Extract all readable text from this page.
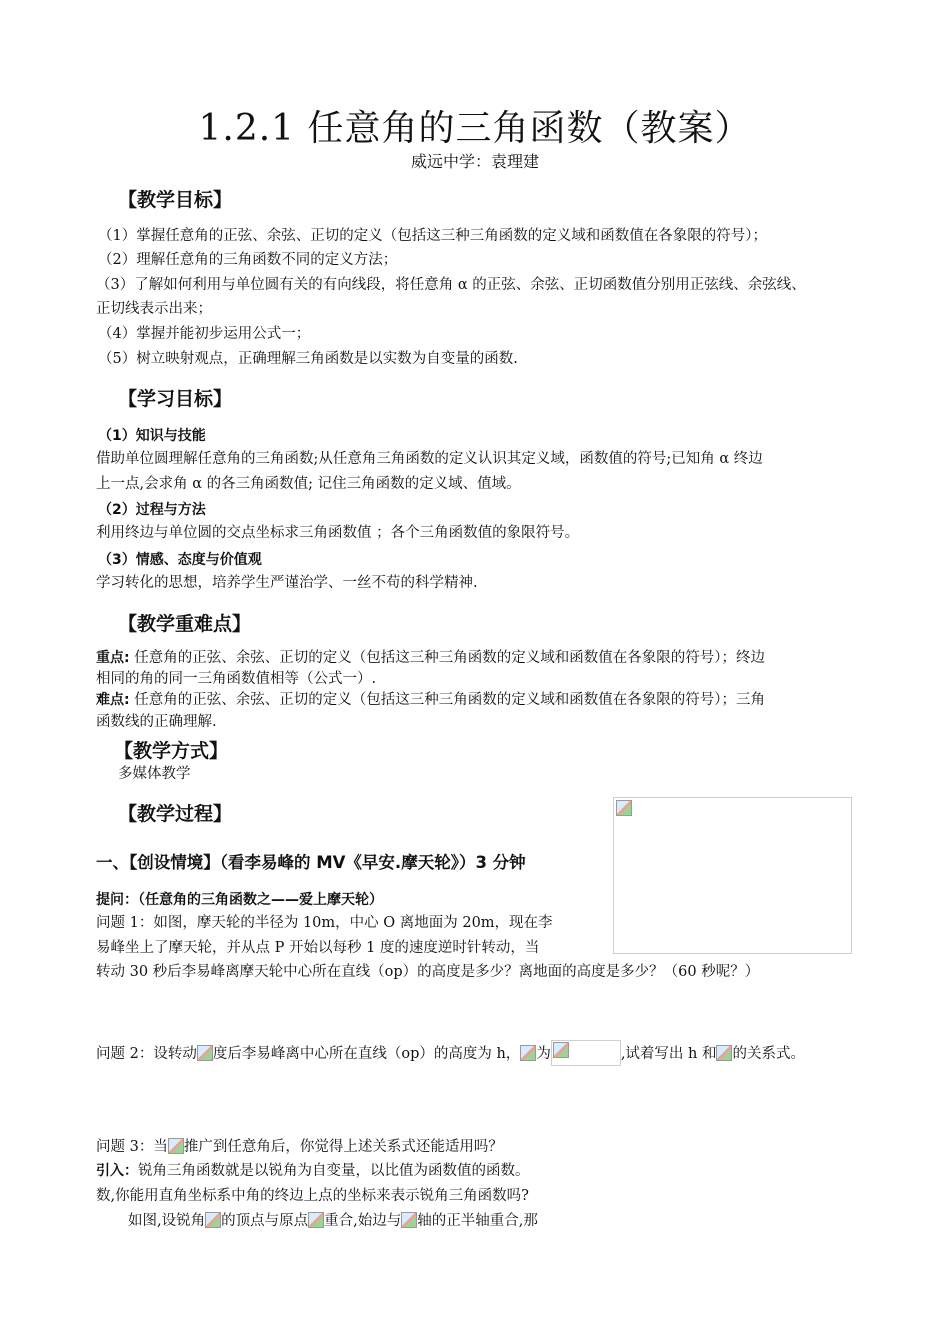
1.2.1 任意角的三角函数（教案）
威远中学：袁理建
【教学目标】
（1）掌握任意角的正弦、余弦、正切的定义（包括这三种三角函数的定义域和函数值在各象限的符号）；
（2）理解任意角的三角函数不同的定义方法；
（3）了解如何利用与单位圆有关的有向线段，将任意角 α 的正弦、余弦、正切函数值分别用正弦线、余弦线、
正切线表示出来；
（4）掌握并能初步运用公式一；
（5）树立映射观点，正确理解三角函数是以实数为自变量的函数.
【学习目标】
（1）知识与技能
借助单位圆理解任意角的三角函数;从任意角三角函数的定义认识其定义域，函数值的符号;已知角 α 终边
上一点,会求角 α 的各三角函数值; 记住三角函数的定义域、值域。
（2）过程与方法
利用终边与单位圆的交点坐标求三角函数值 ；各个三角函数值的象限符号。
（3）情感、态度与价值观
学习转化的思想，培养学生严谨治学、一丝不苟的科学精神.
【教学重难点】
重点: 任意角的正弦、余弦、正切的定义（包括这三种三角函数的定义域和函数值在各象限的符号）；终边
相同的角的同一三角函数值相等（公式一）.
难点: 任意角的正弦、余弦、正切的定义（包括这三种三角函数的定义域和函数值在各象限的符号）；三角
函数线的正确理解.
【教学方式】
多媒体教学
【教学过程】
一、【创设情境】（看李易峰的 MV《早安.摩天轮》）3 分钟
提问：（任意角的三角函数之——爱上摩天轮）
问题 1：如图，摩天轮的半径为 10m，中心 O 离地面为 20m，现在李
易峰坐上了摩天轮，并从点 P 开始以每秒 1 度的速度逆时针转动，当
转动 30 秒后李易峰离摩天轮中心所在直线（op）的高度是多少？离地面的高度是多少？（60 秒呢？）
问题 2：设转动 度后李易峰离中心所在直线（op）的高度为 h， 为	,试着写出 h 和 的关系式。
问题 3：当 推广到任意角后，你觉得上述关系式还能适用吗？
引入：锐角三角函数就是以锐角为自变量，以比值为函数值的函数。
数,你能用直角坐标系中角的终边上点的坐标来表示锐角三角函数吗?
如图,设锐角 的顶点与原点 重合,始边与 轴的正半轴重合,那
